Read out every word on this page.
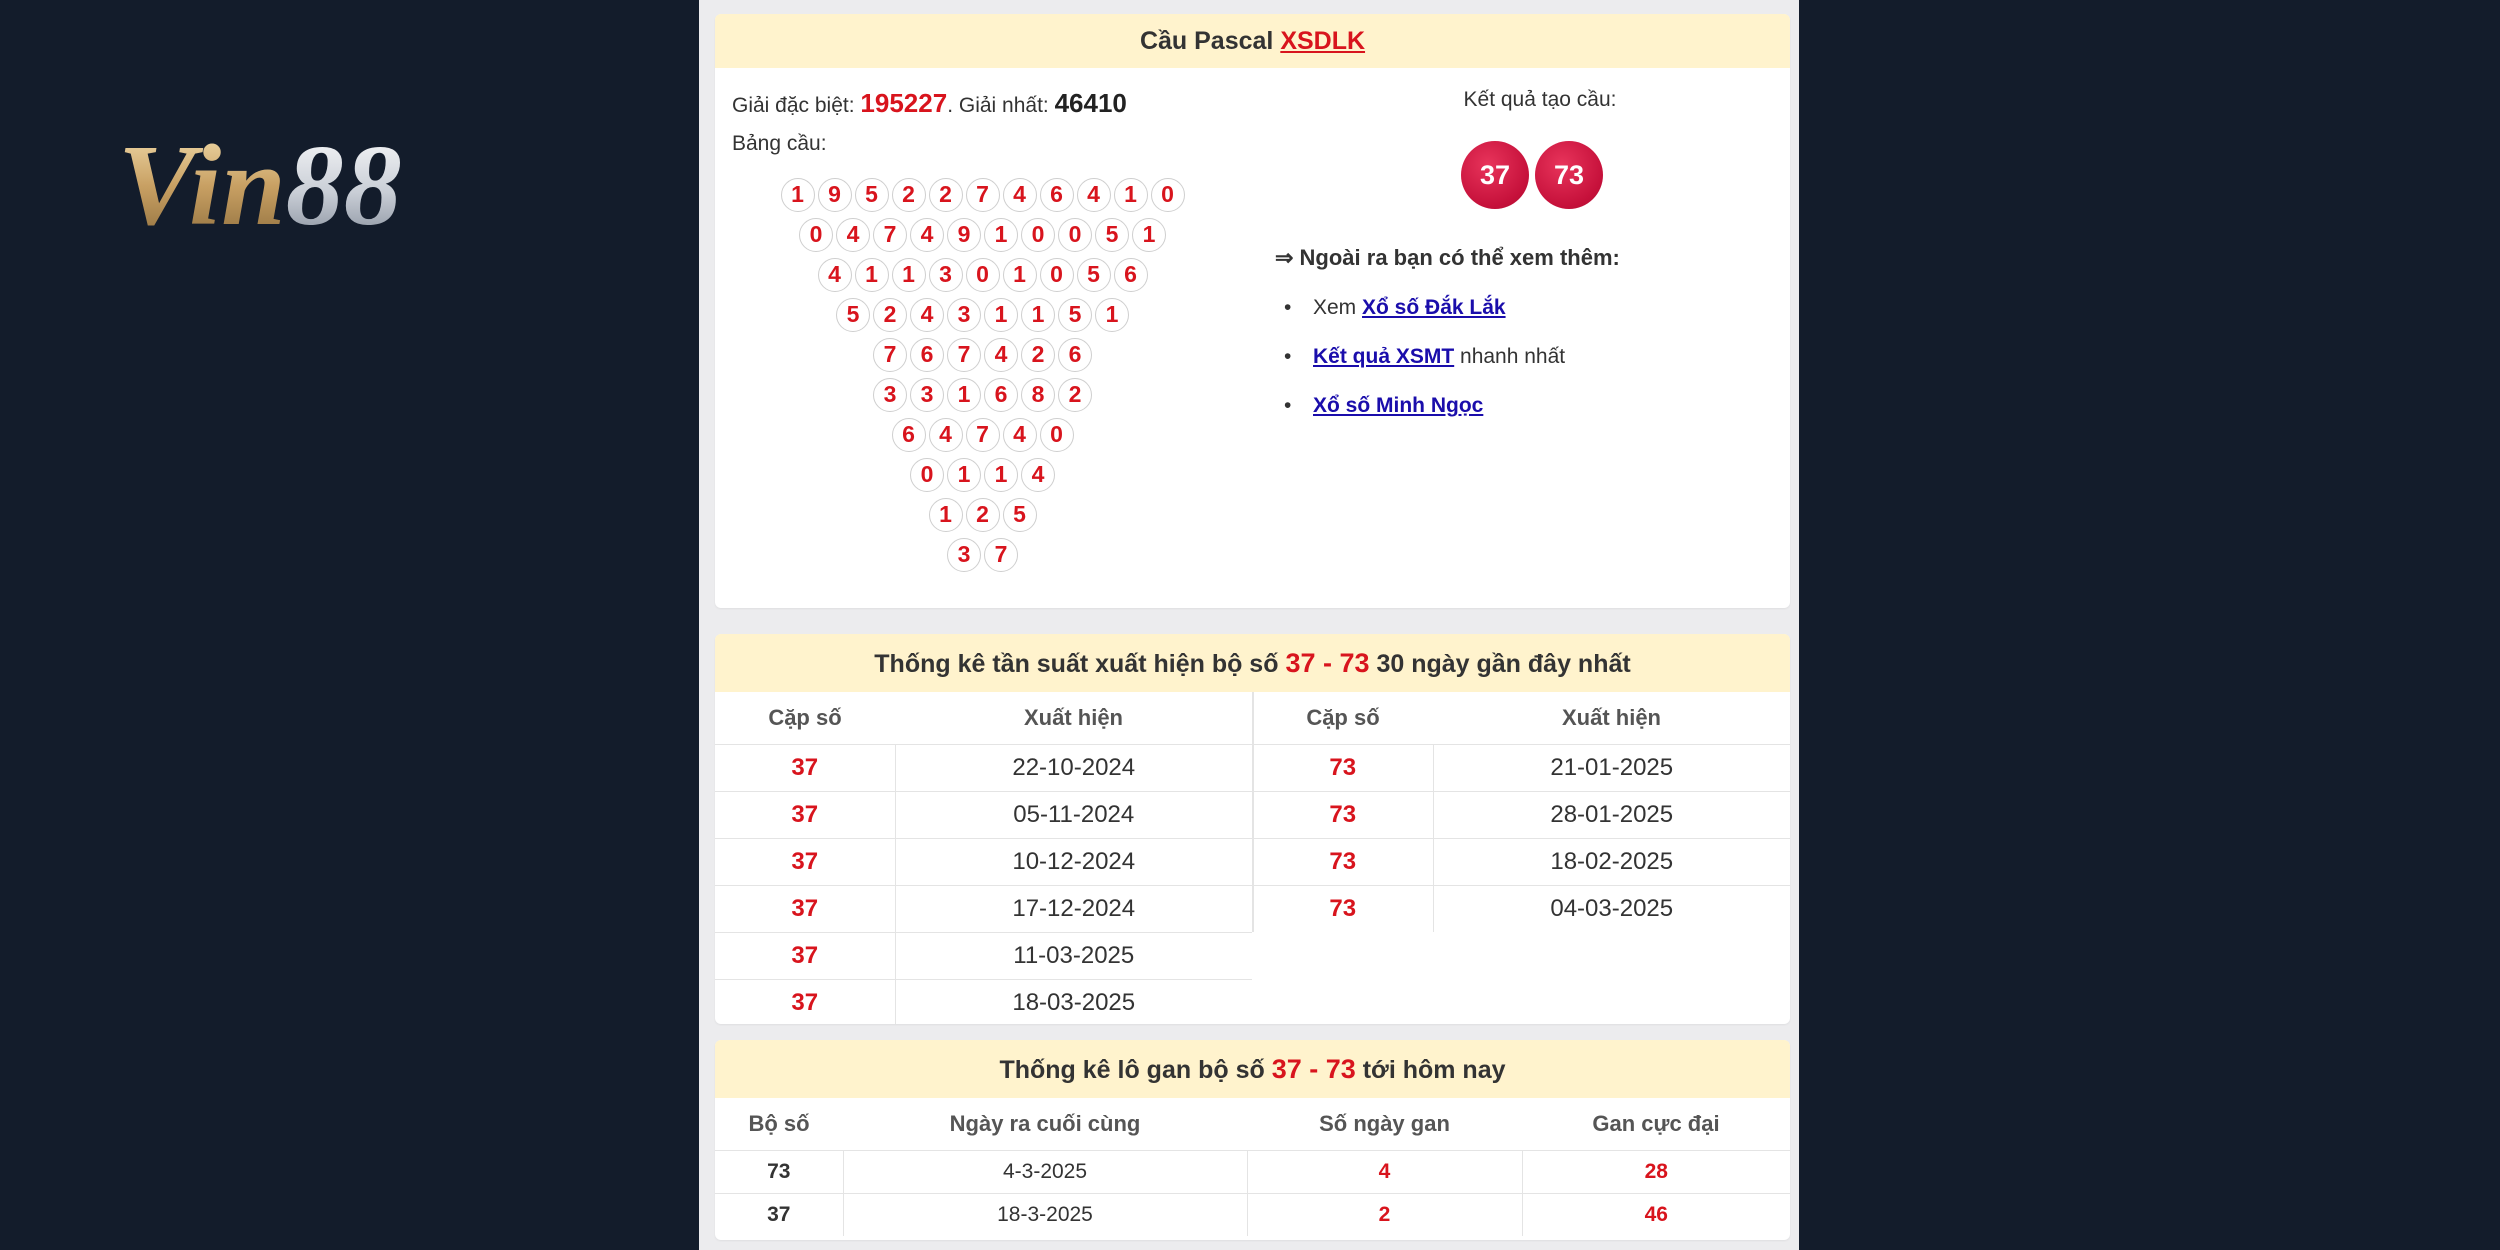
Vin88
Cầu Pascal XSDLK
Giải đặc biệt: 195227. Giải nhất: 46410
Bảng cầu:
1	9	5	2	2	7	4	6	4	1	0
0	4	7	4	9	1	0	0	5	1
4	1	1	3	0	1	0	5	6
5	2	4	3	1	1	5	1
7	6	7	4	2	6
3	3	1	6	8	2
6	4	7	4	0
0	1	1	4
1	2	5
3	7
Kết quả tạo cầu:
37	73
⇒ Ngoài ra bạn có thể xem thêm:
• Xem Xổ số Đắk Lắk
• Kết quả XSMT nhanh nhất
• Xổ số Minh Ngọc
Thống kê tần suất xuất hiện bộ số 37 - 73 30 ngày gần đây nhất
Cặp số	Xuất hiện
37	22-10-2024
37	05-11-2024
37	10-12-2024
37	17-12-2024
37	11-03-2025
37	18-03-2025
Cặp số	Xuất hiện
73	21-01-2025
73	28-01-2025
73	18-02-2025
73	04-03-2025
Thống kê lô gan bộ số 37 - 73 tới hôm nay
Bộ số	Ngày ra cuối cùng	Số ngày gan	Gan cực đại
73	4-3-2025	4	28
37	18-3-2025	2	46
